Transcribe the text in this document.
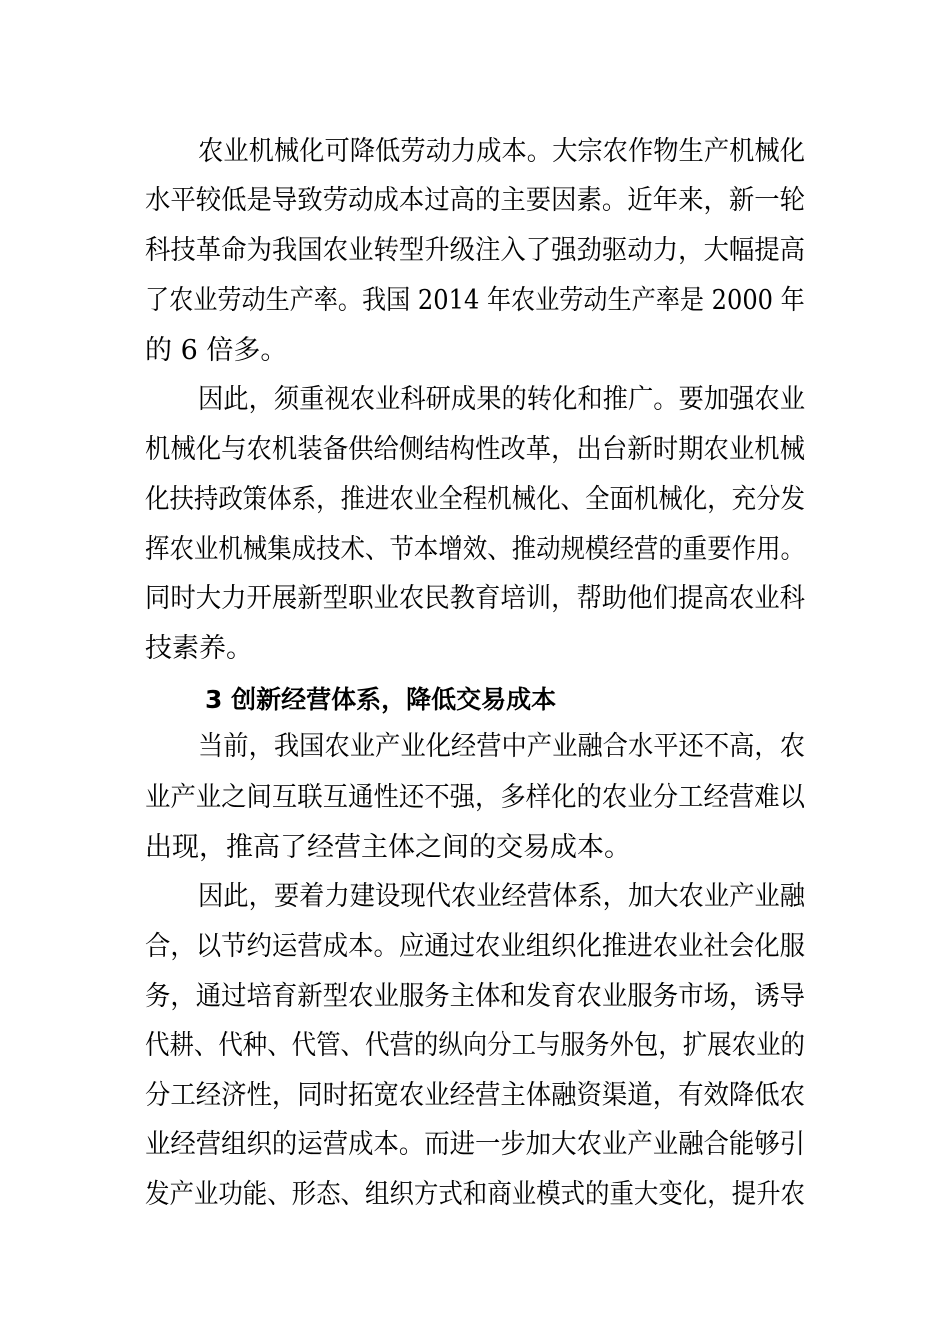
农业机械化可降低劳动力成本。大宗农作物生产机械化
水平较低是导致劳动成本过高的主要因素。近年来，新一轮
科技革命为我国农业转型升级注入了强劲驱动力，大幅提高
了农业劳动生产率。我国 2014 年农业劳动生产率是 2000 年
的 6 倍多。
因此，须重视农业科研成果的转化和推广。要加强农业
机械化与农机装备供给侧结构性改革，出台新时期农业机械
化扶持政策体系，推进农业全程机械化、全面机械化，充分发
挥农业机械集成技术、节本增效、推动规模经营的重要作用。
同时大力开展新型职业农民教育培训，帮助他们提高农业科
技素养。
3 创新经营体系，降低交易成本
当前，我国农业产业化经营中产业融合水平还不高，农
业产业之间互联互通性还不强，多样化的农业分工经营难以
出现，推高了经营主体之间的交易成本。
因此，要着力建设现代农业经营体系，加大农业产业融
合，以节约运营成本。应通过农业组织化推进农业社会化服
务，通过培育新型农业服务主体和发育农业服务市场，诱导
代耕、代种、代管、代营的纵向分工与服务外包，扩展农业的
分工经济性，同时拓宽农业经营主体融资渠道，有效降低农
业经营组织的运营成本。而进一步加大农业产业融合能够引
发产业功能、形态、组织方式和商业模式的重大变化，提升农
